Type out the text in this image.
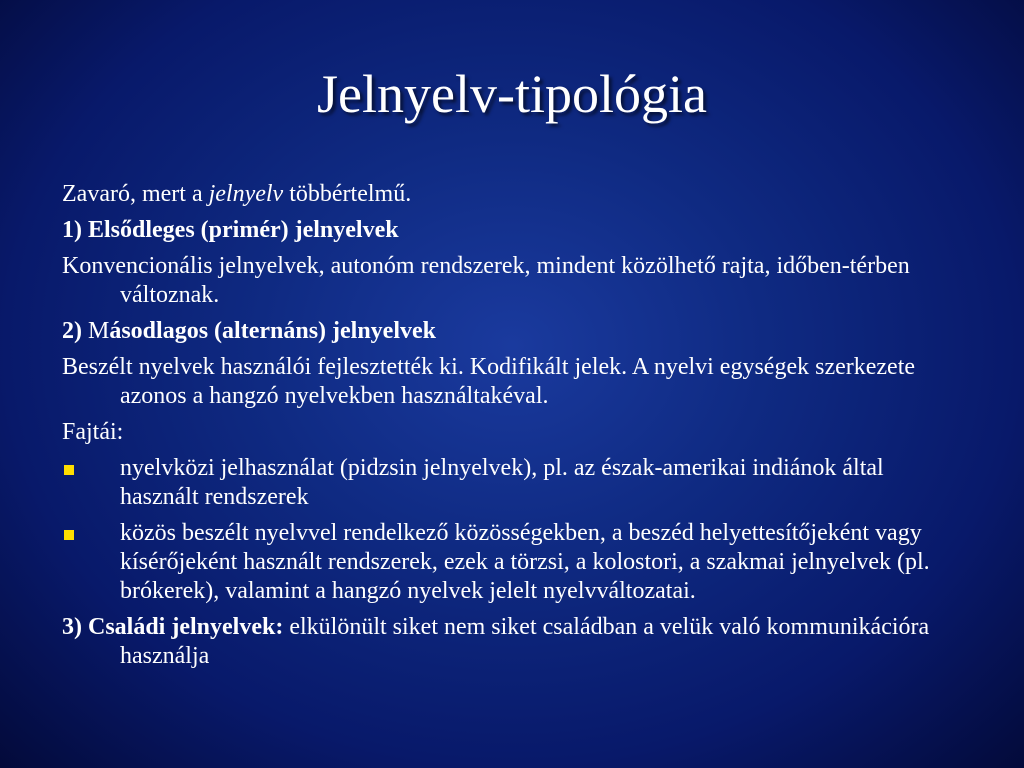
Jelnyelv-tipológia
Zavaró, mert a jelnyelv többértelmű.
1) Elsődleges (primér) jelnyelvek
Konvencionális jelnyelvek, autonóm rendszerek, mindent közölhető rajta, időben-térben változnak.
2) Másodlagos (alternáns) jelnyelvek
Beszélt nyelvek használói fejlesztették ki. Kodifikált jelek. A nyelvi egységek szerkezete azonos a hangzó nyelvekben használtakéval.
Fajtái:
nyelvközi jelhasználat (pidzsin jelnyelvek), pl. az észak-amerikai indiánok által használt rendszerek
közös beszélt nyelvvel rendelkező közösségekben, a beszéd helyettesítőjeként vagy kísérőjeként használt rendszerek, ezek a törzsi, a kolostori, a szakmai jelnyelvek (pl. brókerek), valamint a hangzó nyelvek jelelt nyelvváltozatai.
3) Családi jelnyelvek: elkülönült siket nem siket családban a velük való kommunikációra használja
